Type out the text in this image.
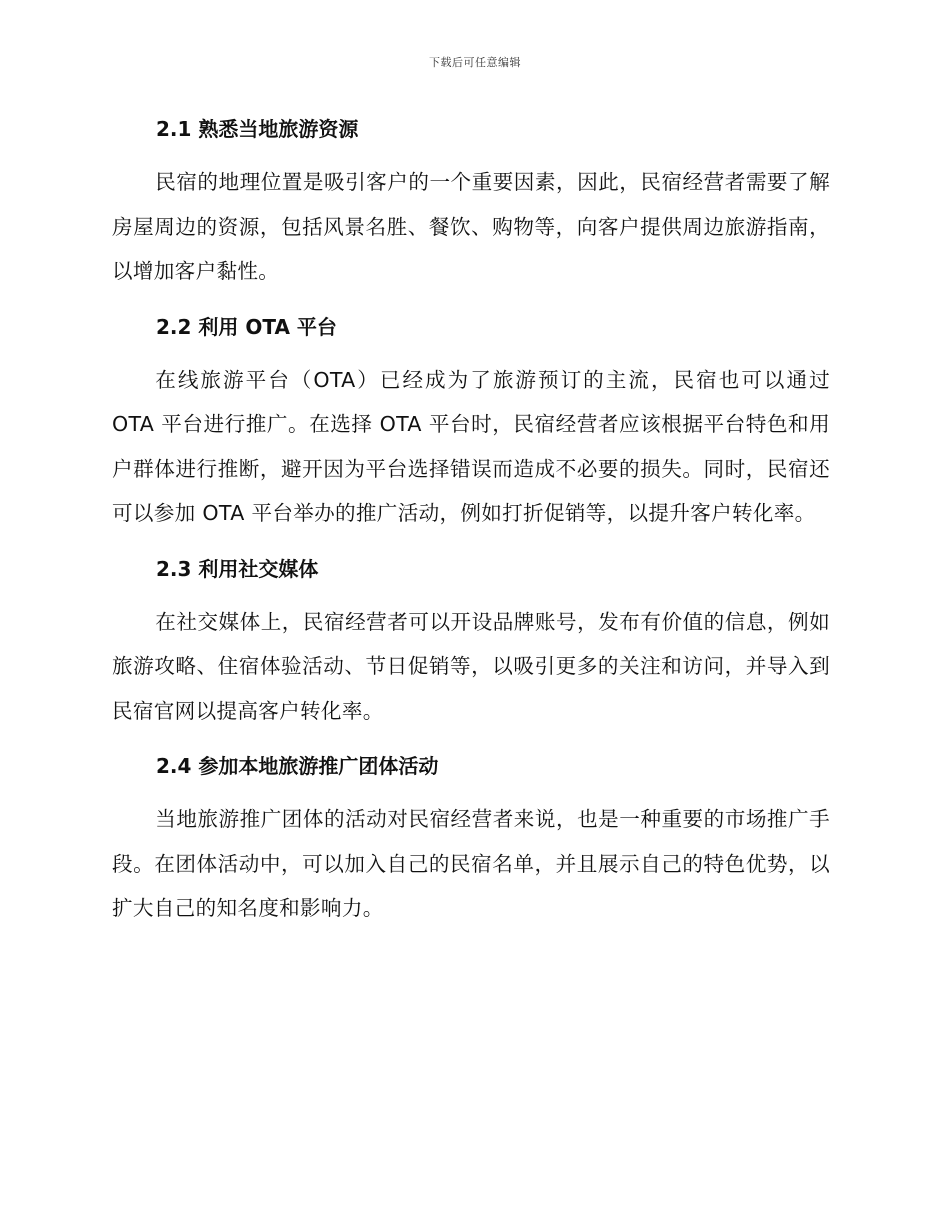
下载后可任意编辑
2.1 熟悉当地旅游资源

民宿的地理位置是吸引客户的一个重要因素，因此，民宿经营者需要了解房屋周边的资源，包括风景名胜、餐饮、购物等，向客户提供周边旅游指南，以增加客户黏性。

2.2 利用 OTA 平台

在线旅游平台（OTA）已经成为了旅游预订的主流，民宿也可以通过 OTA 平台进行推广。在选择 OTA 平台时，民宿经营者应该根据平台特色和用户群体进行推断，避开因为平台选择错误而造成不必要的损失。同时，民宿还可以参加 OTA 平台举办的推广活动，例如打折促销等，以提升客户转化率。

2.3 利用社交媒体

在社交媒体上，民宿经营者可以开设品牌账号，发布有价值的信息，例如旅游攻略、住宿体验活动、节日促销等，以吸引更多的关注和访问，并导入到民宿官网以提高客户转化率。

2.4 参加本地旅游推广团体活动

当地旅游推广团体的活动对民宿经营者来说，也是一种重要的市场推广手段。在团体活动中，可以加入自己的民宿名单，并且展示自己的特色优势，以扩大自己的知名度和影响力。
